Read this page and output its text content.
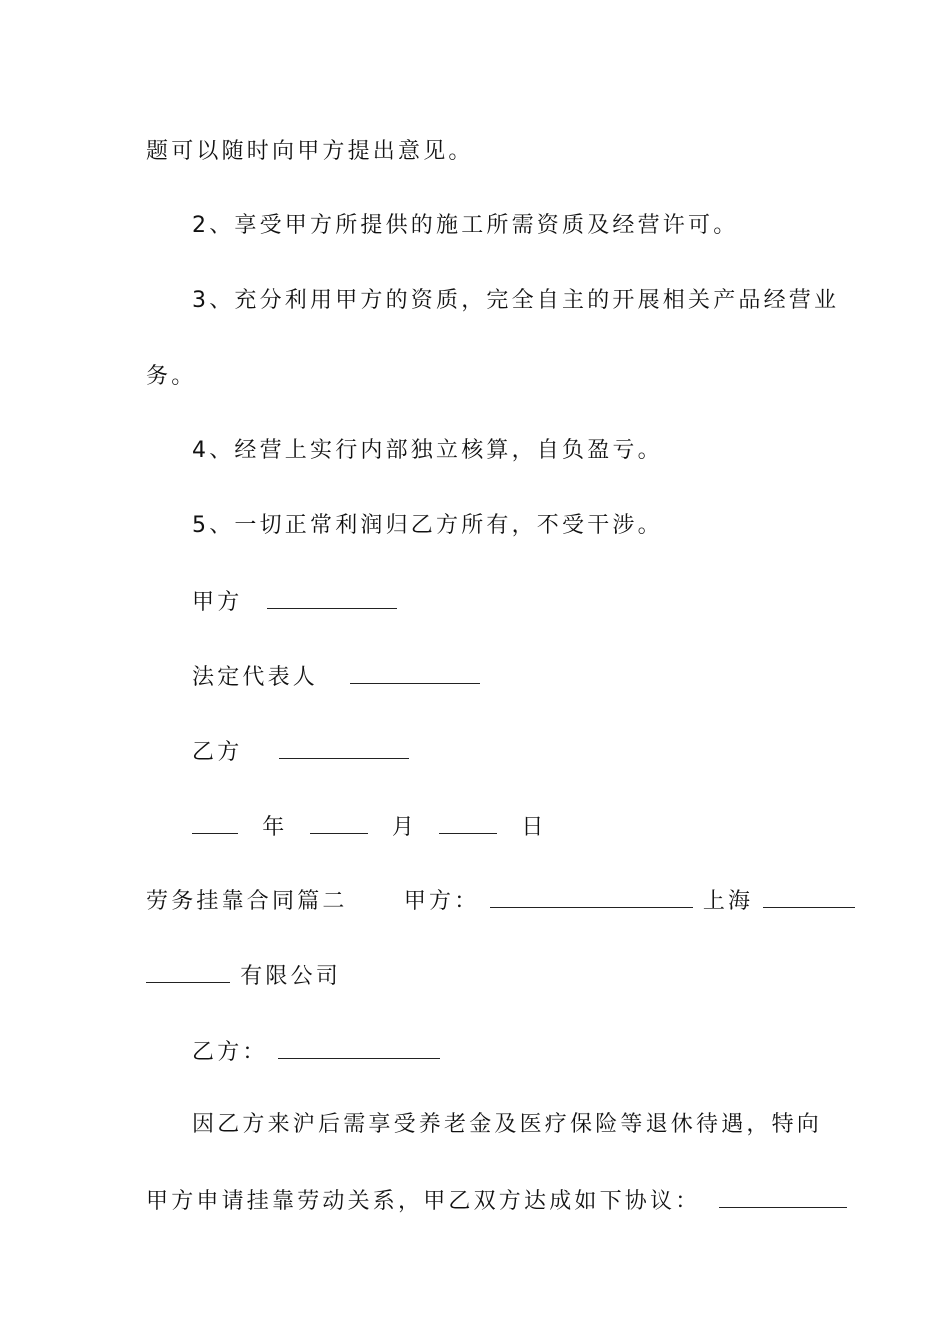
题可以随时向甲方提出意见。
2、享受甲方所提供的施工所需资质及经营许可。
3、充分利用甲方的资质，完全自主的开展相关产品经营业
务。
4、经营上实行内部独立核算，自负盈亏。
5、一切正常利润归乙方所有，不受干涉。
甲方
法定代表人
乙方
年	月	日
劳务挂靠合同篇二	甲方：	上海
有限公司
乙方：
因乙方来沪后需享受养老金及医疗保险等退休待遇，特向
甲方申请挂靠劳动关系，甲乙双方达成如下协议：
